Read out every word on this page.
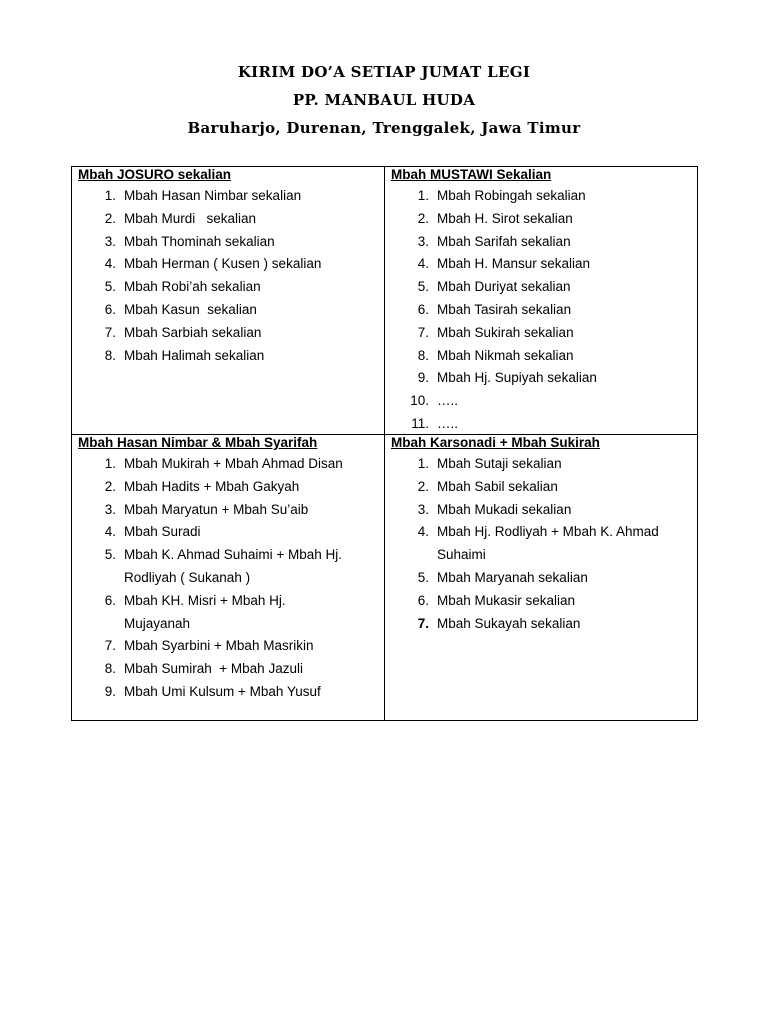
KIRIM DO’A SETIAP JUMAT LEGI
PP. MANBAUL HUDA
Baruharjo, Durenan, Trenggalek, Jawa Timur
Mbah JOSURO sekalian
1. Mbah Hasan Nimbar sekalian
2. Mbah Murdi   sekalian
3. Mbah Thominah sekalian
4. Mbah Herman ( Kusen ) sekalian
5. Mbah Robi’ah sekalian
6. Mbah Kasun  sekalian
7. Mbah Sarbiah sekalian
8. Mbah Halimah sekalian
Mbah MUSTAWI Sekalian
1. Mbah Robingah sekalian
2. Mbah H. Sirot sekalian
3. Mbah Sarifah sekalian
4. Mbah H. Mansur sekalian
5. Mbah Duriyat sekalian
6. Mbah Tasirah sekalian
7. Mbah Sukirah sekalian
8. Mbah Nikmah sekalian
9. Mbah Hj. Supiyah sekalian
10. …..
11. …..
Mbah Hasan Nimbar & Mbah Syarifah
1. Mbah Mukirah + Mbah Ahmad Disan
2. Mbah Hadits + Mbah Gakyah
3. Mbah Maryatun + Mbah Su’aib
4. Mbah Suradi
5. Mbah K. Ahmad Suhaimi + Mbah Hj.
Rodliyah ( Sukanah )
6. Mbah KH. Misri + Mbah Hj.
Mujayanah
7. Mbah Syarbini + Mbah Masrikin
8. Mbah Sumirah  + Mbah Jazuli
9. Mbah Umi Kulsum + Mbah Yusuf
Mbah Karsonadi + Mbah Sukirah
1. Mbah Sutaji sekalian
2. Mbah Sabil sekalian
3. Mbah Mukadi sekalian
4. Mbah Hj. Rodliyah + Mbah K. Ahmad
Suhaimi
5. Mbah Maryanah sekalian
6. Mbah Mukasir sekalian
7. Mbah Sukayah sekalian
